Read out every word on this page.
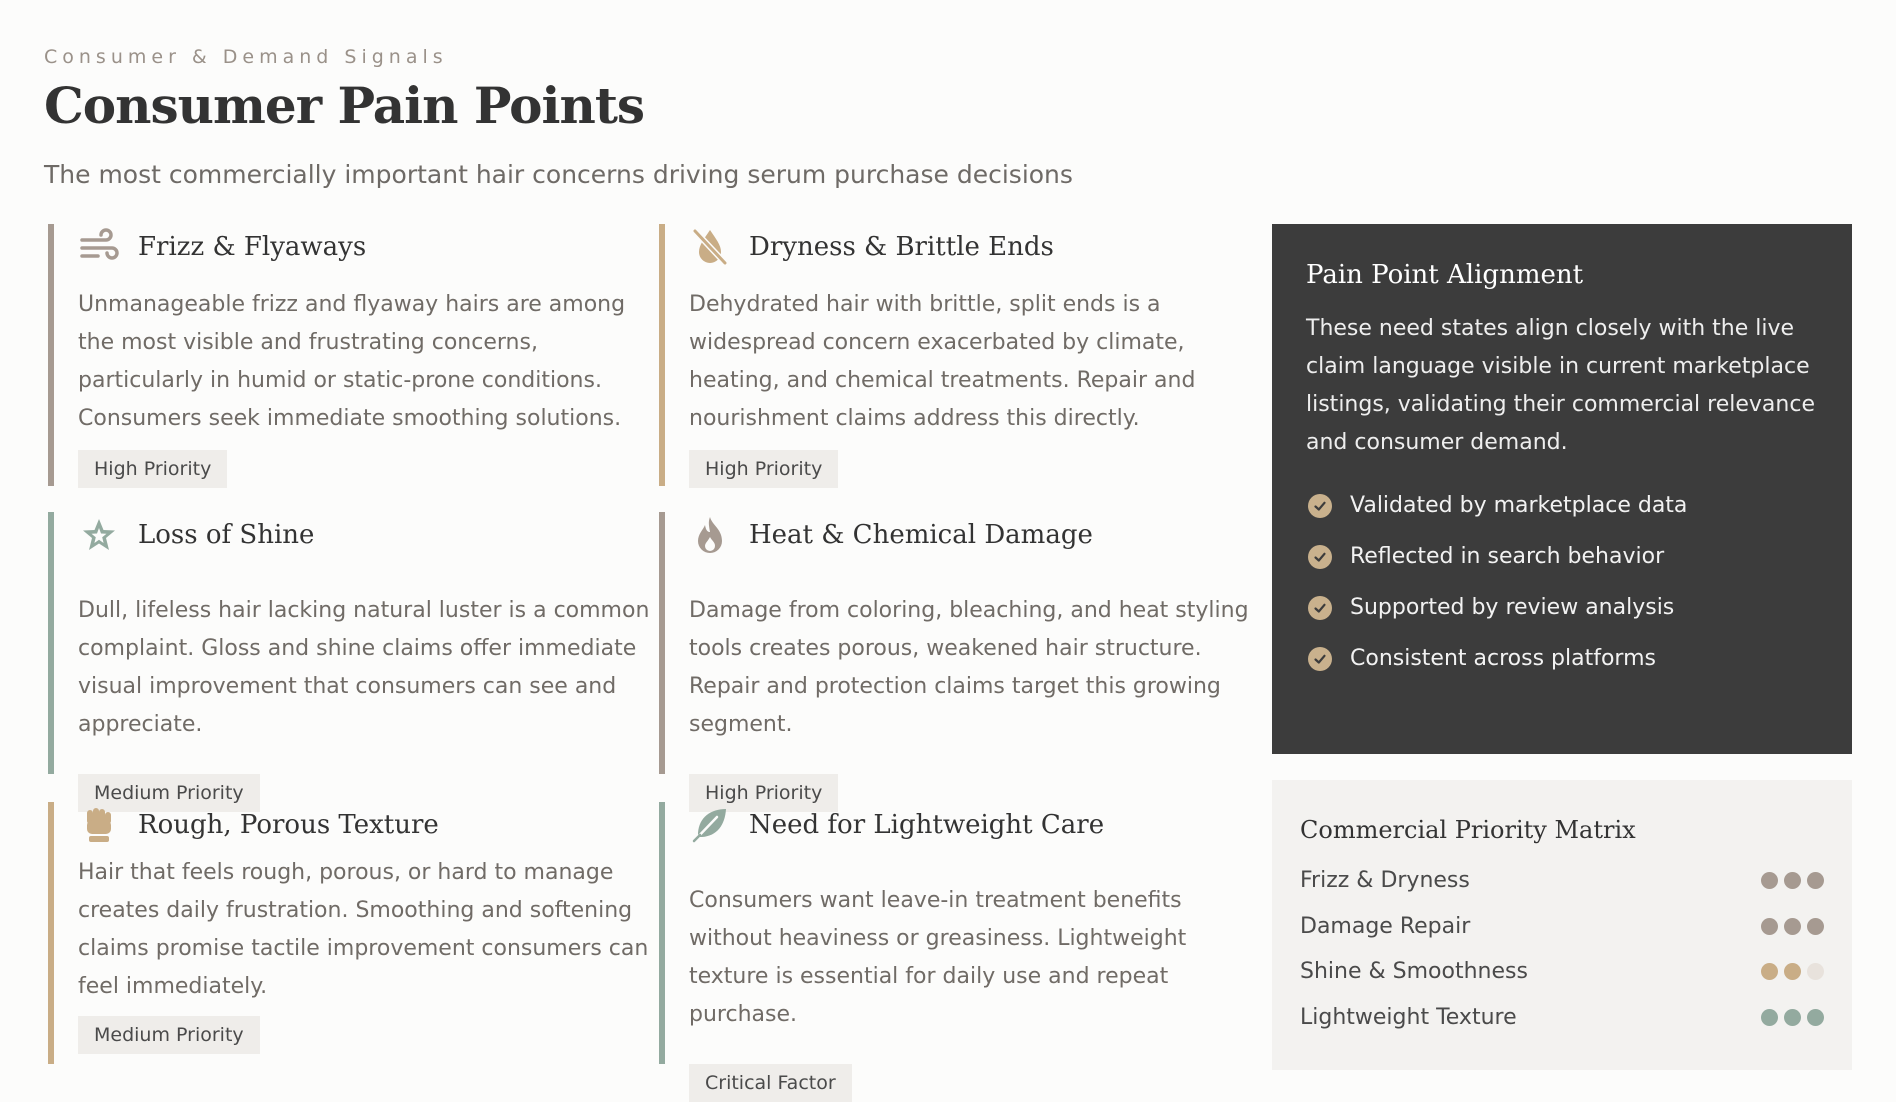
Consumer & Demand Signals
Consumer Pain Points
The most commercially important hair concerns driving serum purchase decisions
Frizz & Flyaways
Unmanageable frizz and flyaway hairs are among the most visible and frustrating concerns, particularly in humid or static-prone conditions. Consumers seek immediate smoothing solutions.
High Priority
Dryness & Brittle Ends
Dehydrated hair with brittle, split ends is a widespread concern exacerbated by climate, heating, and chemical treatments. Repair and nourishment claims address this directly.
High Priority
Loss of Shine
Dull, lifeless hair lacking natural luster is a common complaint. Gloss and shine claims offer immediate visual improvement that consumers can see and appreciate.
Medium Priority
Heat & Chemical Damage
Damage from coloring, bleaching, and heat styling tools creates porous, weakened hair structure. Repair and protection claims target this growing segment.
High Priority
Rough, Porous Texture
Hair that feels rough, porous, or hard to manage creates daily frustration. Smoothing and softening claims promise tactile improvement consumers can feel immediately.
Medium Priority
Need for Lightweight Care
Consumers want leave-in treatment benefits without heaviness or greasiness. Lightweight texture is essential for daily use and repeat purchase.
Critical Factor
Pain Point Alignment
These need states align closely with the live claim language visible in current marketplace listings, validating their commercial relevance and consumer demand.
Validated by marketplace data
Reflected in search behavior
Supported by review analysis
Consistent across platforms
Commercial Priority Matrix
Frizz & Dryness
Damage Repair
Shine & Smoothness
Lightweight Texture
